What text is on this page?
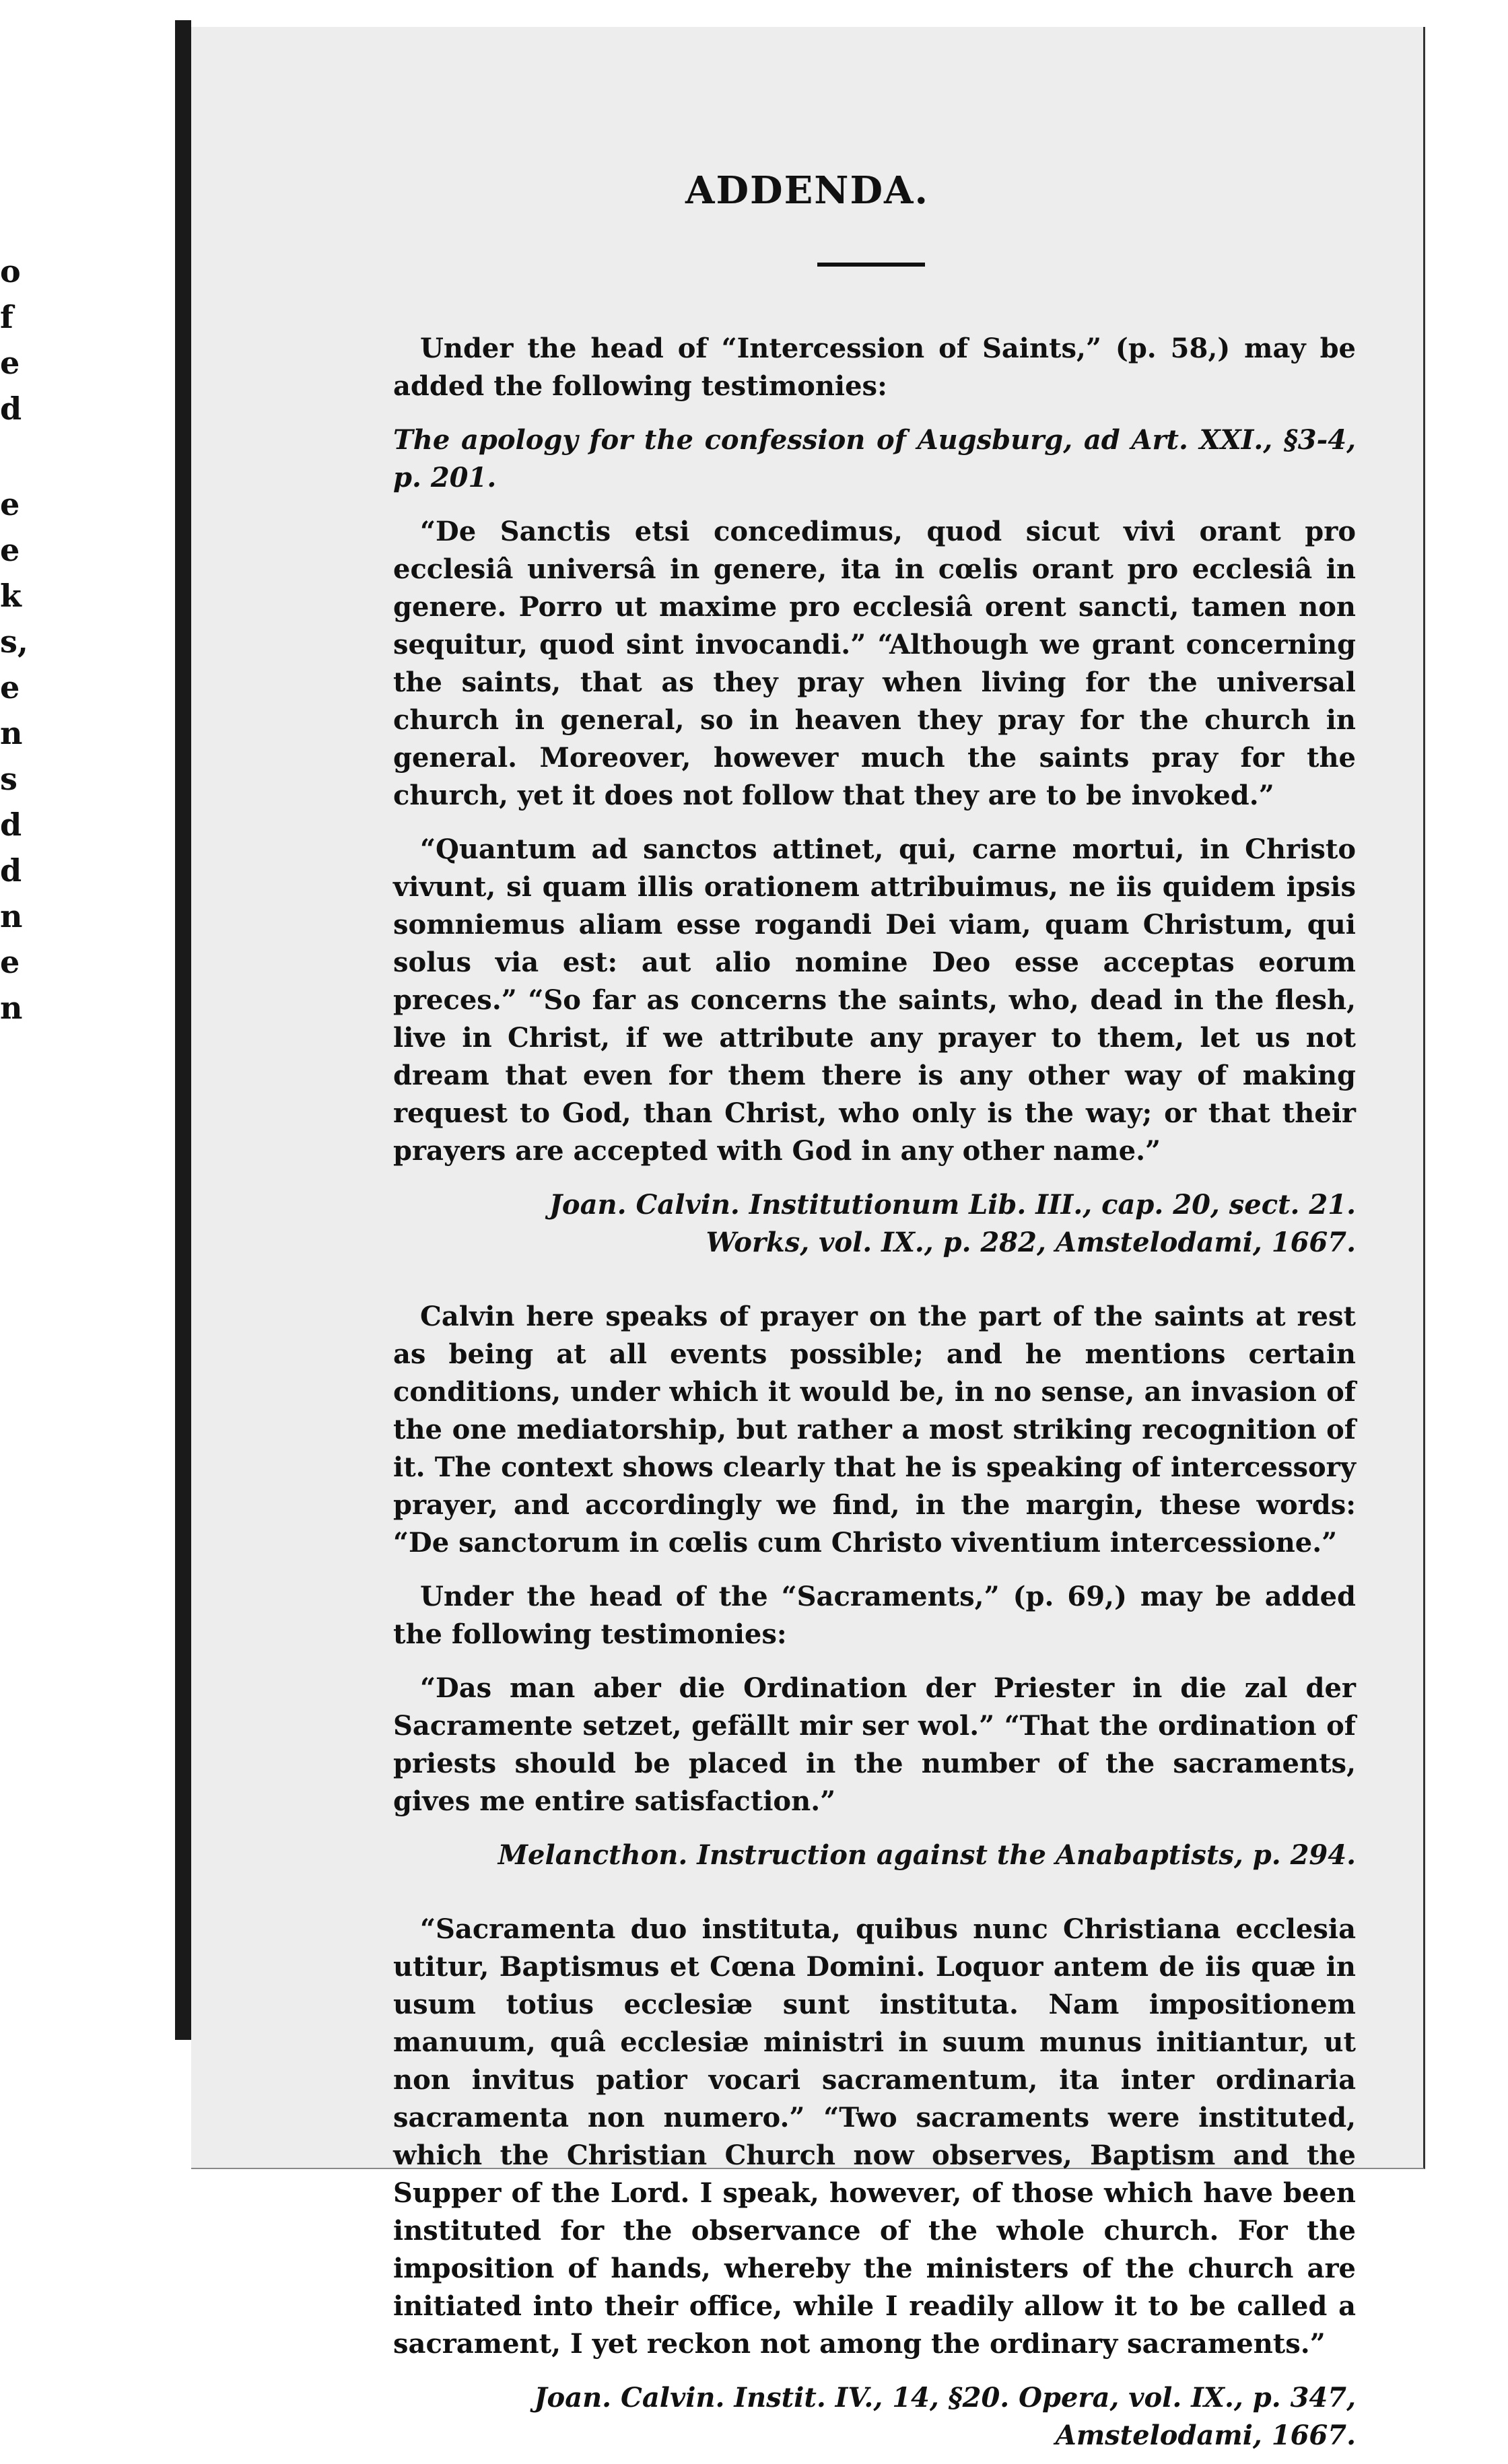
o
f
e
d
e
e
k
s,
e
n
s
d
d
n
e
n
ADDENDA.

Under the head of “Intercession of Saints,” (p. 58,) may be added the following testimonies:

The apology for the confession of Augsburg, ad Art. XXI., §3-4, p. 201.

“De Sanctis etsi concedimus, quod sicut vivi orant pro ecclesiâ universâ in genere, ita in cœlis orant pro ecclesiâ in genere. Porro ut maxime pro ecclesiâ orent sancti, tamen non sequitur, quod sint invocandi.” “Although we grant concerning the saints, that as they pray when living for the universal church in general, so in heaven they pray for the church in general. Moreover, however much the saints pray for the church, yet it does not follow that they are to be invoked.”

“Quantum ad sanctos attinet, qui, carne mortui, in Christo vivunt, si quam illis orationem attribuimus, ne iis quidem ipsis somniemus aliam esse rogandi Dei viam, quam Christum, qui solus via est: aut alio nomine Deo esse acceptas eorum preces.” “So far as concerns the saints, who, dead in the flesh, live in Christ, if we attribute any prayer to them, let us not dream that even for them there is any other way of making request to God, than Christ, who only is the way; or that their prayers are accepted with God in any other name.”

Joan. Calvin. Institutionum Lib. III., cap. 20, sect. 21.
Works, vol. IX., p. 282, Amstelodami, 1667.

Calvin here speaks of prayer on the part of the saints at rest as being at all events possible; and he mentions certain conditions, under which it would be, in no sense, an invasion of the one mediatorship, but rather a most striking recognition of it. The context shows clearly that he is speaking of intercessory prayer, and accordingly we find, in the margin, these words: “De sanctorum in cœlis cum Christo viventium intercessione.”

Under the head of the “Sacraments,” (p. 69,) may be added the following testimonies:

“Das man aber die Ordination der Priester in die zal der Sacramente setzet, gefällt mir ser wol.” “That the ordination of priests should be placed in the number of the sacraments, gives me entire satisfaction.”

Melancthon. Instruction against the Anabaptists, p. 294.

“Sacramenta duo instituta, quibus nunc Christiana ecclesia utitur, Baptismus et Cœna Domini. Loquor antem de iis quæ in usum totius ecclesiæ sunt instituta. Nam impositionem manuum, quâ ecclesiæ ministri in suum munus initiantur, ut non invitus patior vocari sacramentum, ita inter ordinaria sacramenta non numero.” “Two sacraments were instituted, which the Christian Church now observes, Baptism and the Supper of the Lord. I speak, however, of those which have been instituted for the observance of the whole church. For the imposition of hands, whereby the ministers of the church are initiated into their office, while I readily allow it to be called a sacrament, I yet reckon not among the ordinary sacraments.”

Joan. Calvin. Instit. IV., 14, §20. Opera, vol. IX., p. 347,
Amstelodami, 1667.
